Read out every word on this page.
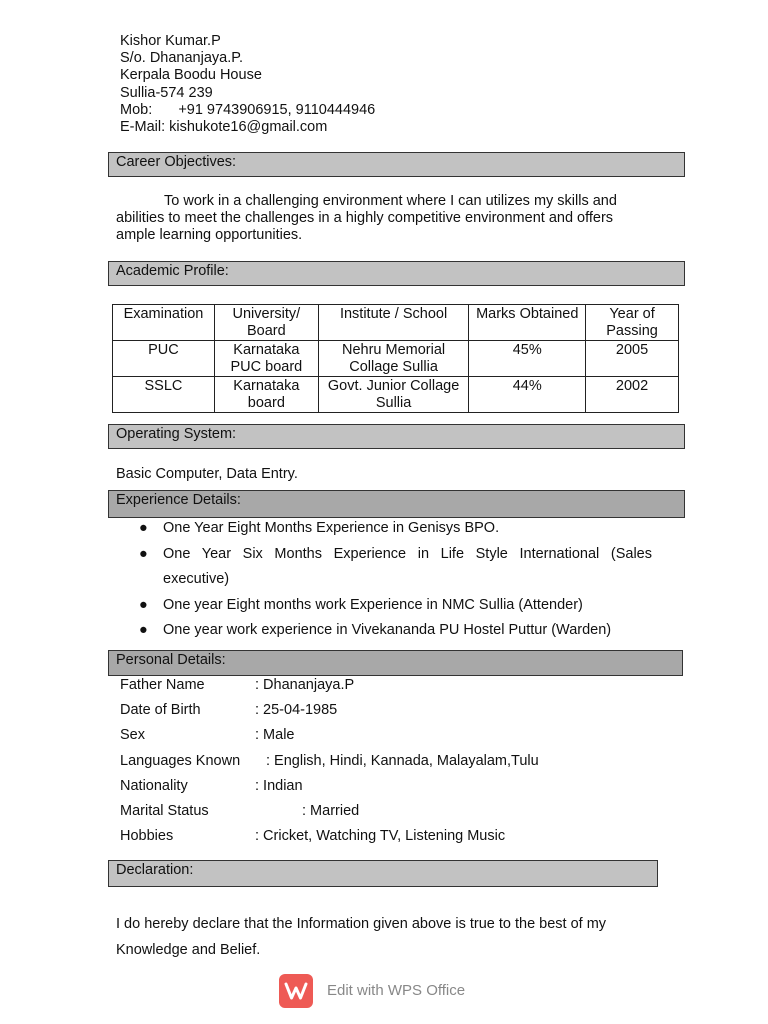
Kishor Kumar.P
S/o. Dhananjaya.P.
Kerpala Boodu House
Sullia-574 239
Mob: +91 9743906915, 9110444946
E-Mail: kishukote16@gmail.com
Career Objectives:
To work in a challenging environment where I can utilizes my skills and abilities to meet the challenges in a highly competitive environment and offers ample learning opportunities.
Academic Profile:
Examination	University/ Board	Institute / School	Marks Obtained	Year of Passing
PUC	Karnataka PUC board	Nehru Memorial Collage Sullia	45%	2005
SSLC	Karnataka board	Govt. Junior Collage Sullia	44%	2002
Operating System:
Basic Computer, Data Entry.
Experience Details:
● One Year Eight Months Experience in Genisys BPO.
● One Year Six Months Experience in Life Style International (Sales
executive)
● One year Eight months work Experience in NMC Sullia (Attender)
● One year work experience in Vivekananda PU Hostel Puttur (Warden)
Personal Details:
Father Name	: Dhananjaya.P
Date of Birth	: 25-04-1985
Sex	: Male
Languages Known : English, Hindi, Kannada, Malayalam,Tulu
Nationality	: Indian
Marital Status	: Married
Hobbies	: Cricket, Watching TV, Listening Music
Declaration:
I do hereby declare that the Information given above is true to the best of my
Knowledge and Belief.
Edit with WPS Office
